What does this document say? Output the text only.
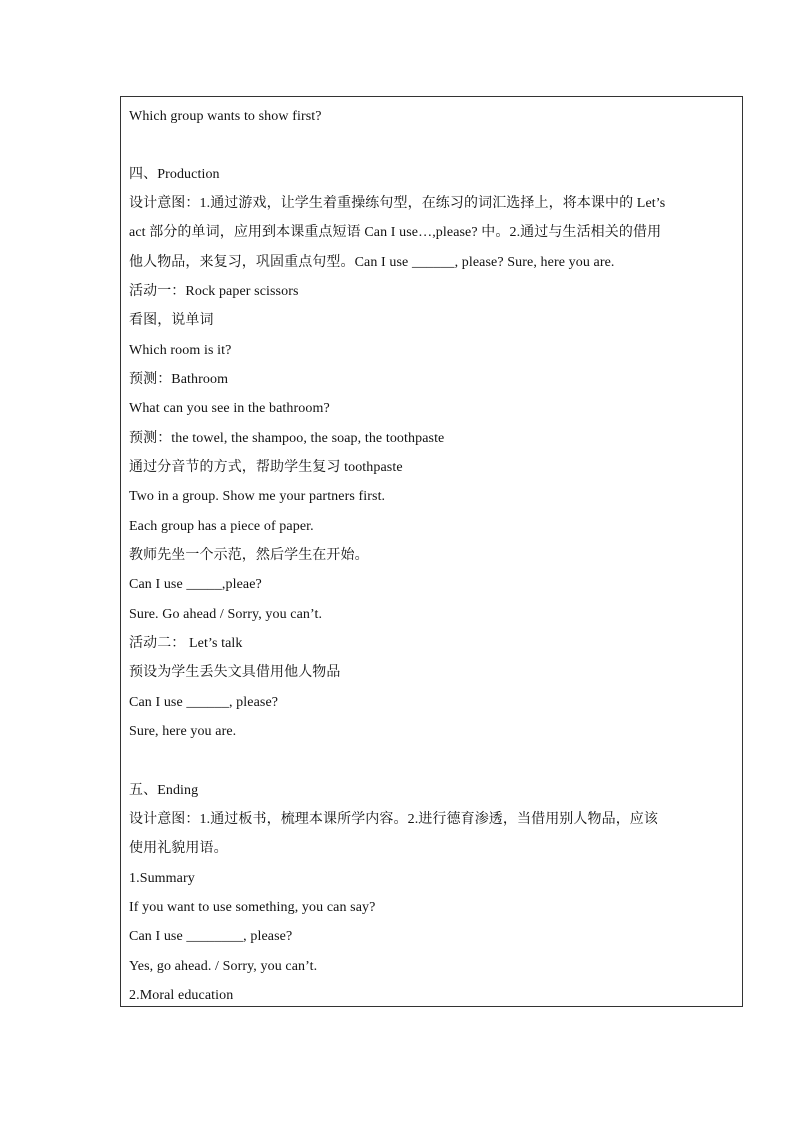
Which group wants to show first?
四、Production
设计意图：1.通过游戏，让学生着重操练句型，在练习的词汇选择上，将本课中的 Let’s
act 部分的单词，应用到本课重点短语 Can I use…,please? 中。2.通过与生活相关的借用
他人物品，来复习，巩固重点句型。Can I use ______, please? Sure, here you are.
活动一：Rock paper scissors
看图，说单词
Which room is it?
预测：Bathroom
What can you see in the bathroom?
预测：the towel, the shampoo, the soap, the toothpaste
通过分音节的方式，帮助学生复习 toothpaste
Two in a group. Show me your partners first.
Each group has a piece of paper.
教师先坐一个示范，然后学生在开始。
Can I use _____,pleae?
Sure. Go ahead / Sorry, you can’t.
活动二： Let’s talk
预设为学生丢失文具借用他人物品
Can I use ______, please?
Sure, here you are.
五、Ending
设计意图：1.通过板书，梳理本课所学内容。2.进行德育渗透，当借用别人物品，应该
使用礼貌用语。
1.Summary
If you want to use something, you can say?
Can I use ________, please?
Yes, go ahead. / Sorry, you can’t.
2.Moral education
